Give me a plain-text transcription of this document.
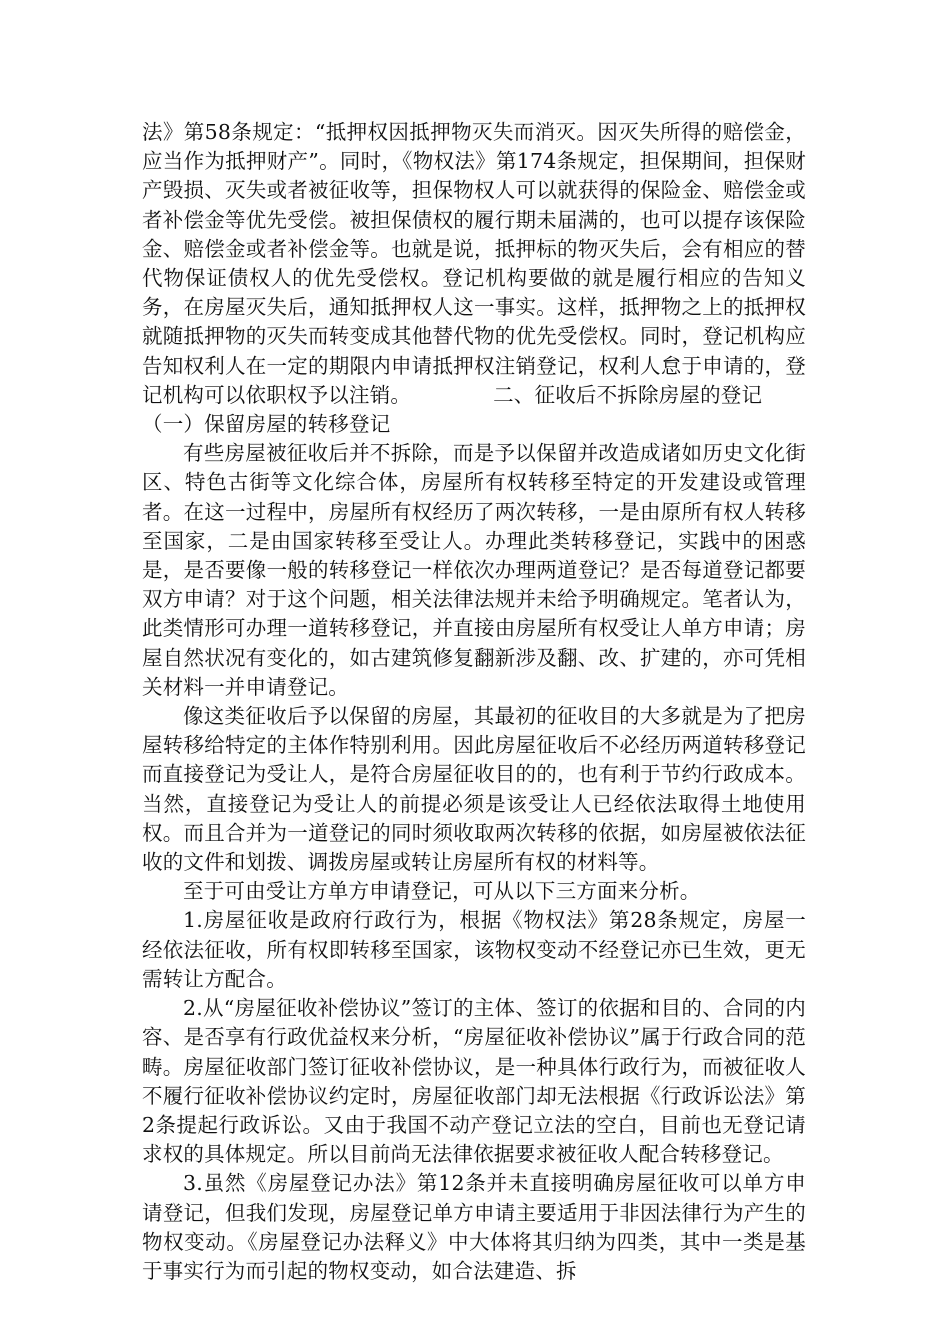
法》第58条规定：“抵押权因抵押物灭失而消灭。因灭失所得的赔偿金，应当作为抵押财产”。同时，《物权法》第174条规定，担保期间，担保财产毁损、灭失或者被征收等，担保物权人可以就获得的保险金、赔偿金或者补偿金等优先受偿。被担保债权的履行期未届满的，也可以提存该保险金、赔偿金或者补偿金等。也就是说，抵押标的物灭失后，会有相应的替代物保证债权人的优先受偿权。登记机构要做的就是履行相应的告知义务，在房屋灭失后，通知抵押权人这一事实。这样，抵押物之上的抵押权就随抵押物的灭失而转变成其他替代物的优先受偿权。同时，登记机构应告知权利人在一定的期限内申请抵押权注销登记，权利人怠于申请的，登记机构可以依职权予以注销。	二、征收后不拆除房屋的登记

（一）保留房屋的转移登记

有些房屋被征收后并不拆除，而是予以保留并改造成诸如历史文化街区、特色古街等文化综合体，房屋所有权转移至特定的开发建设或管理者。在这一过程中，房屋所有权经历了两次转移，一是由原所有权人转移至国家，二是由国家转移至受让人。办理此类转移登记，实践中的困惑是，是否要像一般的转移登记一样依次办理两道登记？是否每道登记都要双方申请？对于这个问题，相关法律法规并未给予明确规定。笔者认为，此类情形可办理一道转移登记，并直接由房屋所有权受让人单方申请；房屋自然状况有变化的，如古建筑修复翻新涉及翻、改、扩建的，亦可凭相关材料一并申请登记。

像这类征收后予以保留的房屋，其最初的征收目的大多就是为了把房屋转移给特定的主体作特别利用。因此房屋征收后不必经历两道转移登记而直接登记为受让人，是符合房屋征收目的的，也有利于节约行政成本。当然，直接登记为受让人的前提必须是该受让人已经依法取得土地使用权。而且合并为一道登记的同时须收取两次转移的依据，如房屋被依法征收的文件和划拨、调拨房屋或转让房屋所有权的材料等。

至于可由受让方单方申请登记，可从以下三方面来分析。

1.房屋征收是政府行政行为，根据《物权法》第28条规定，房屋一经依法征收，所有权即转移至国家，该物权变动不经登记亦已生效，更无需转让方配合。

2.从“房屋征收补偿协议”签订的主体、签订的依据和目的、合同的内容、是否享有行政优益权来分析，“房屋征收补偿协议”属于行政合同的范畴。房屋征收部门签订征收补偿协议，是一种具体行政行为，而被征收人不履行征收补偿协议约定时，房屋征收部门却无法根据《行政诉讼法》第2条提起行政诉讼。又由于我国不动产登记立法的空白，目前也无登记请求权的具体规定。所以目前尚无法律依据要求被征收人配合转移登记。

3.虽然《房屋登记办法》第12条并未直接明确房屋征收可以单方申请登记，但我们发现，房屋登记单方申请主要适用于非因法律行为产生的物权变动。《房屋登记办法释义》中大体将其归纳为四类，其中一类是基于事实行为而引起的物权变动，如合法建造、拆
